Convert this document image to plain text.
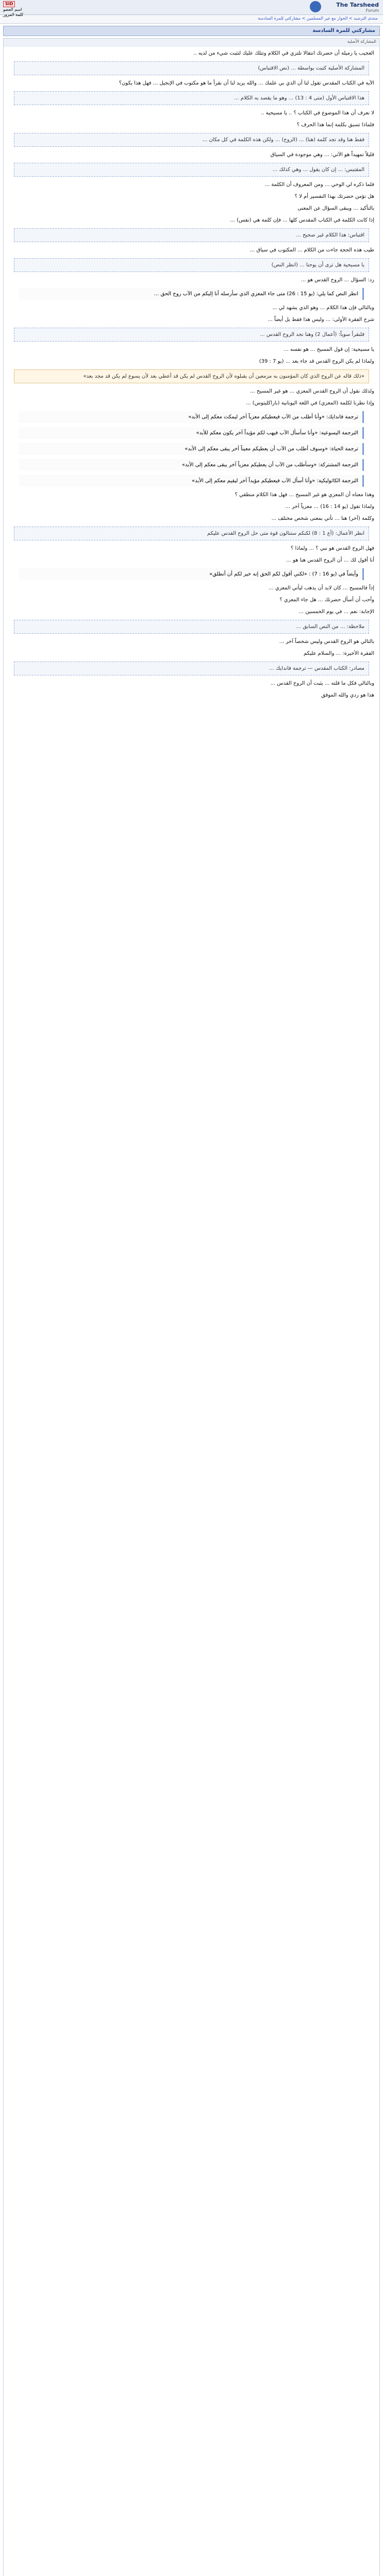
The Tarsheed
Forum
SID
اسم العضو
كلمة المرور
منتدى الترشيد > الحوار مع غير المسلمين > مشاركتي للمرة السادسة
مشاركتي للمرة السادسة
المشاركة الأصلية
العجيب يا زميلة أن حضرتك انتقالا تلتزي في الكلام وتتلك عليك لتثبت شيء من لديه ..
المشاركة الأصلية كتبت بواسطة ... (نص الاقتباس)
الآية في الكتاب المقدس تقول لنا أن الذي بي علمك ... والله يريد لنا أن نقرأ ما هو مكتوب في الإنجيل ... فهل هذا يكون؟
هذا الاقتباس الأول (متى 4 : 13) ... وهو ما يقصد به الكلام ...
لا نعرف أن هذا الموضوع في الكتاب ؟ .. يا مسيحية ..
فلماذا تسبق بكلمة إنما هذا الحرف ؟
فقط هنا وقد تجد كلمة (هنا) ... (الروح) ... ولكن هذه الكلمة في كل مكان ...
قليلاً تمهيداً هو الآتي: ... وهي موجودة في السياق
المقتبس: ... إن كان يقول ... وهي كذلك ...
فلما ذكره لي الوحي ... ومن المعروف أن الكلمة ...
هل تؤمن حضرتك بهذا التفسير أم لا ؟
بالتأكيد ... ويبقى السؤال عن المعنى
إذا كانت الكلمة في الكتاب المقدس كلها ... فإن كلمة هي (نفس) ...
اقتباس: هذا الكلام غير صحيح ...
طيب هذه الحجة جاءت من الكلام ... المكتوب في سياق ...
يا مسيحية هل ترى أن يوحنا ... (انظر النص)
رد: السؤال ... الروح القدس هو ...
انظر النص كما يلي: (يو 15 : 26) متى جاء المعزي الذي سأرسله أنا إليكم من الآب روح الحق ...
وبالتالي فإن هذا الكلام ... وهو الذي يشهد لي ...
شرح الفقرة الأولى: ... وليس هذا فقط بل أيضاً ...
فلنقرأ سوياً: (أعمال 2) وهنا نجد الروح القدس ...
يا مسيحية: إن قول المسيح ... هو نفسه ...
ولماذا لم يكن الروح القدس قد جاء بعد ... (يو 7 : 39)
«ذلك قاله عن الروح الذي كان المؤمنون به مزمعين أن يقبلوه لأن الروح القدس لم يكن قد أعطي بعد لأن يسوع لم يكن قد مجد بعد»
ولذلك نقول أن الروح القدس المعزي ... هو غير المسيح ...
وإذا نظرنا لكلمة (المعزي) في اللغة اليونانية (باراكليتوس) ...
ترجمة فاندايك: «وأنا أطلب من الآب فيعطيكم معزياً آخر ليمكث معكم إلى الأبد»
الترجمة اليسوعية: «وأنا سأسأل الآب فيهب لكم مؤيداً آخر يكون معكم للأبد»
ترجمة الحياة: «وسوف أطلب من الآب أن يعطيكم معيناً آخر يبقى معكم إلى الأبد»
الترجمة المشتركة: «وسأطلب من الآب أن يعطيكم معزياً آخر يبقى معكم إلى الأبد»
الترجمة الكاثوليكية: «وأنا أسأل الآب فيعطيكم مؤيداً آخر ليقيم معكم إلى الأبد»
وهذا معناه أن المعزي هو غير المسيح ... فهل هذا الكلام منطقي ؟
ولماذا تقول (يو 14 : 16) ... معزياً آخر ...
وكلمة (آخر) هنا ... تأتي بمعنى شخص مختلف ...
انظر الأعمال: (أع 1 : 8) لكنكم ستنالون قوة متى حل الروح القدس عليكم
فهل الروح القدس هو نبي ؟ ... ولماذا ؟
أنا أقول لك ... أن الروح القدس هنا هو ...
وأيضاً في (يو 16 : 7) : «لكني أقول لكم الحق إنه خير لكم أن أنطلق»
إذاً فالمسيح ... كان لابد أن يذهب ليأتي المعزي ...
وأحب أن أسأل حضرتك ... هل جاء المعزي ؟
الإجابة: نعم ... في يوم الخمسين ...
ملاحظة: ... من النص السابق ...
بالتالي هو الروح القدس وليس شخصاً آخر ...
الفقرة الأخيرة: ... والسلام عليكم
مصادر: الكتاب المقدس — ترجمة فاندايك ...
وبالتالي فكل ما قلته ... يثبت أن الروح القدس ...
هذا هو ردي والله الموفق
